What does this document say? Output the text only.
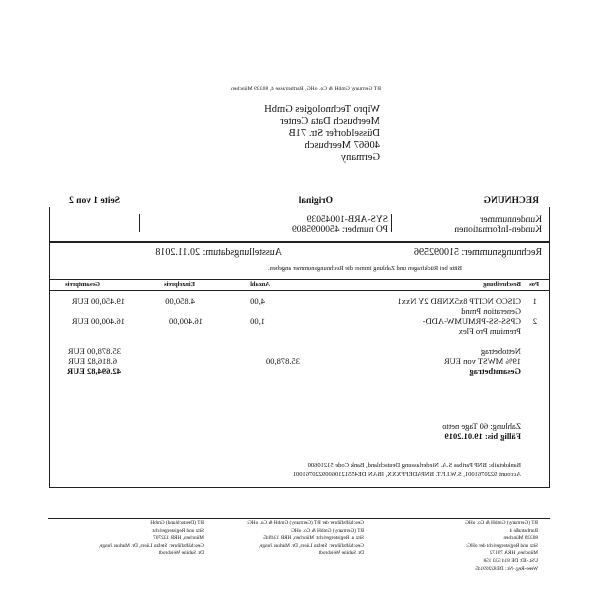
BT Germany GmbH & Co. oHG, Barthstrasse 4, 80339 München
Wipro Technologies GmbH
Meerbusch Data Center
Düsseldorfer Str. 71B
40667 Meerbusch
Germany
RECHNUNG
Original
Seite 1 von 2
Kundennummer
Kunden-Informationen
SYS-ARB-10045039
PO number: 4500095809
Rechnungsnummer: 510092596
Ausstellungsdatum: 20.11.2018
Bitte bei Rückfragen und Zahlung immer die Rechnungsnummer angeben.
Pos
Beschreibung
Anzahl
Einzelpreis
Gesamtpreis
1
CISCO NCITP 8x5XNBD 2Y Nxx1
Generation Pmnd
4,00
4.850,00
19.450,00 EUR
2
CPSS-SS-PRMUMW-ADD-
Premium Pro Flex
1,00
16.400,00
16.400,00 EUR
Nettobetrag
19% MWST von EUR
Gesamtbetrag
35.878,00
35.878,00 EUR
6.816,82 EUR
42.694,82 EUR
Zahlung: 60 Tage netto
Fällig bis: 19.01.2019
Bankdetails: BNP Paribas S.A. Niederlassung Deutschland, Bank Code 51210600
Account 9220761001, S.W.I.F.T. BNPADEFFXXX, IBAN DE45512106009220761001
BT (Germany) GmbH & Co. oHG
Barthstraße 4
80339 München
Sitz und Registergericht der oHG:
München, HRA 79172
USt.-ID: DE 814 533 158
Weee-Reg.-Nr.: DE82269145
Geschäftsführer der BT (Germany) GmbH & Co. oHG:
BT (Germany) GmbH & Co. oHG
Sitz u. Registergericht: München, HRB 134945
Geschäftsführer: Stefan Lüers, Dr. Markus Junge,
Dr. Sabine Weisbrodt
BT (Deutschland) GmbH
Sitz und Registergericht:
München, HRB 132707
Geschäftsführer: Stefan Lüers, Dr. Markus Junge,
Dr. Sabine Weisbrodt
